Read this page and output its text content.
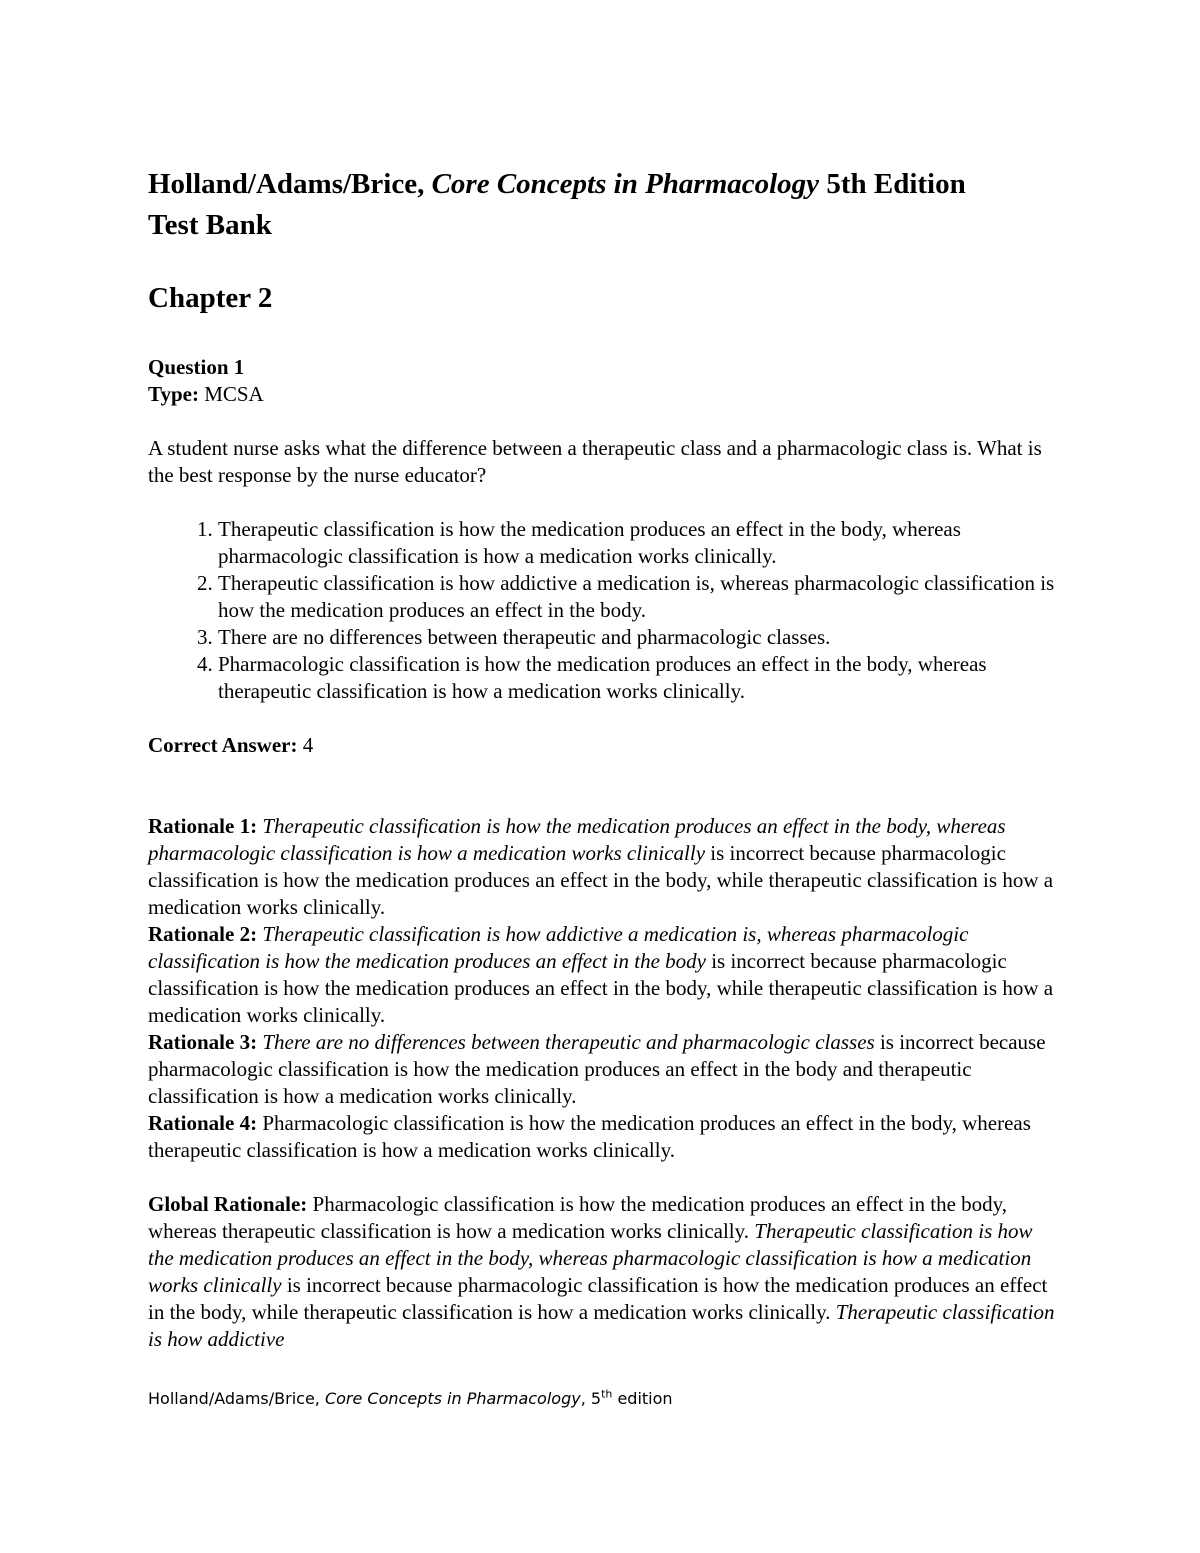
Holland/Adams/Brice, Core Concepts in Pharmacology 5th Edition
Test Bank
Chapter 2
Question 1
Type: MCSA
A student nurse asks what the difference between a therapeutic class and a pharmacologic class is. What is the best response by the nurse educator?
1. Therapeutic classification is how the medication produces an effect in the body, whereas pharmacologic classification is how a medication works clinically.
2. Therapeutic classification is how addictive a medication is, whereas pharmacologic classification is how the medication produces an effect in the body.
3. There are no differences between therapeutic and pharmacologic classes.
4. Pharmacologic classification is how the medication produces an effect in the body, whereas therapeutic classification is how a medication works clinically.
Correct Answer: 4

Rationale 1: Therapeutic classification is how the medication produces an effect in the body, whereas pharmacologic classification is how a medication works clinically is incorrect because pharmacologic classification is how the medication produces an effect in the body, while therapeutic classification is how a medication works clinically.

Rationale 2: Therapeutic classification is how addictive a medication is, whereas pharmacologic classification is how the medication produces an effect in the body is incorrect because pharmacologic classification is how the medication produces an effect in the body, while therapeutic classification is how a medication works clinically.

Rationale 3: There are no differences between therapeutic and pharmacologic classes is incorrect because pharmacologic classification is how the medication produces an effect in the body and therapeutic classification is how a medication works clinically.

Rationale 4: Pharmacologic classification is how the medication produces an effect in the body, whereas therapeutic classification is how a medication works clinically.

Global Rationale: Pharmacologic classification is how the medication produces an effect in the body, whereas therapeutic classification is how a medication works clinically. Therapeutic classification is how the medication produces an effect in the body, whereas pharmacologic classification is how a medication works clinically is incorrect because pharmacologic classification is how the medication produces an effect in the body, while therapeutic classification is how a medication works clinically. Therapeutic classification is how addictive
Holland/Adams/Brice, Core Concepts in Pharmacology, 5th edition
